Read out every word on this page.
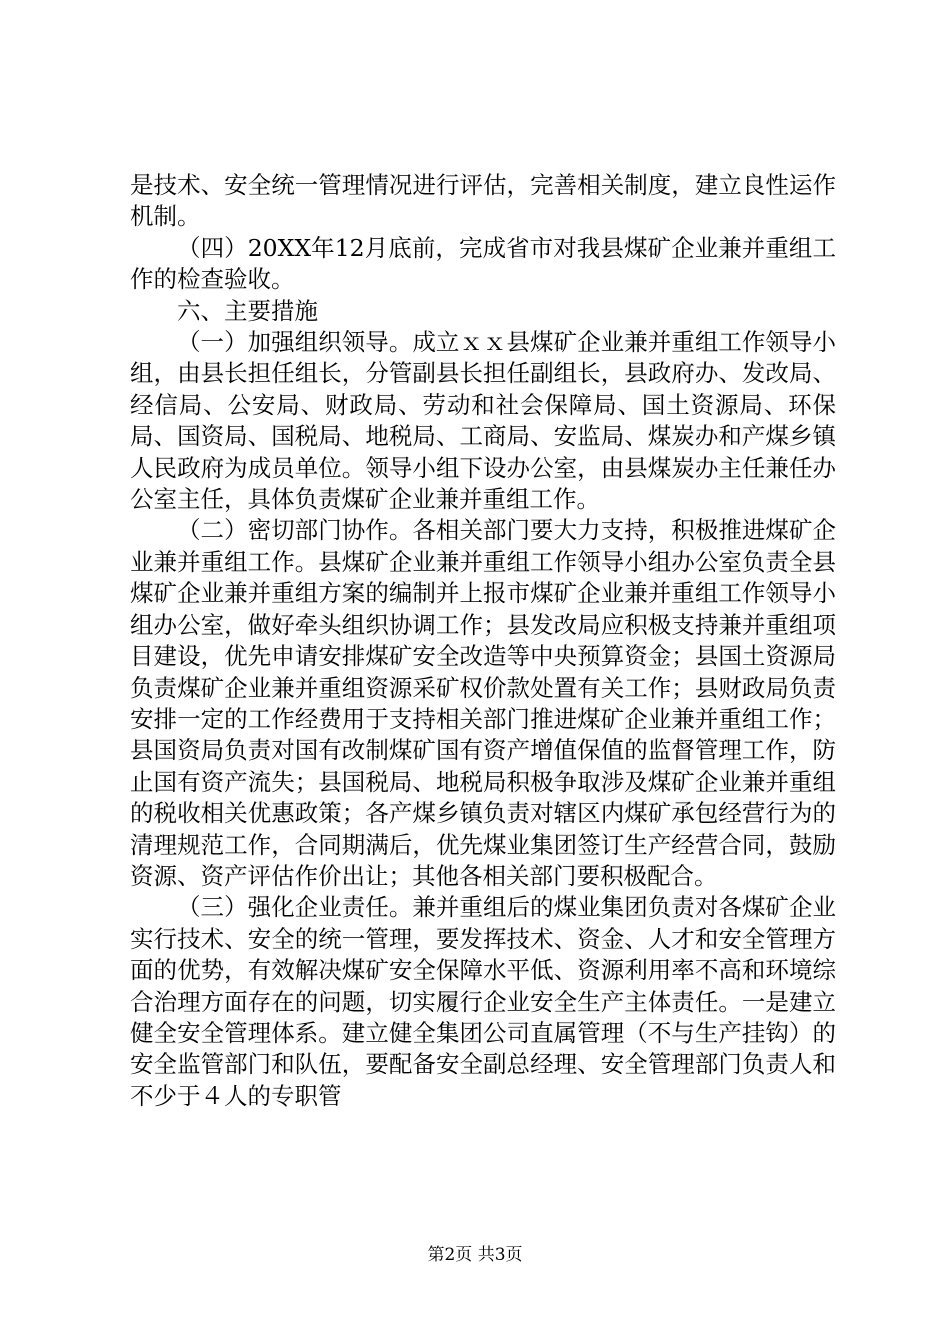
是技术、安全统一管理情况进行评估，完善相关制度，建立良性运作机制。

（四）20XX年12月底前，完成省市对我县煤矿企业兼并重组工作的检查验收。

六、主要措施

（一）加强组织领导。成立ｘｘ县煤矿企业兼并重组工作领导小组，由县长担任组长，分管副县长担任副组长，县政府办、发改局、经信局、公安局、财政局、劳动和社会保障局、国土资源局、环保局、国资局、国税局、地税局、工商局、安监局、煤炭办和产煤乡镇人民政府为成员单位。领导小组下设办公室，由县煤炭办主任兼任办公室主任，具体负责煤矿企业兼并重组工作。

（二）密切部门协作。各相关部门要大力支持，积极推进煤矿企业兼并重组工作。县煤矿企业兼并重组工作领导小组办公室负责全县煤矿企业兼并重组方案的编制并上报市煤矿企业兼并重组工作领导小组办公室，做好牵头组织协调工作；县发改局应积极支持兼并重组项目建设，优先申请安排煤矿安全改造等中央预算资金；县国土资源局负责煤矿企业兼并重组资源采矿权价款处置有关工作；县财政局负责安排一定的工作经费用于支持相关部门推进煤矿企业兼并重组工作；县国资局负责对国有改制煤矿国有资产增值保值的监督管理工作，防止国有资产流失；县国税局、地税局积极争取涉及煤矿企业兼并重组的税收相关优惠政策；各产煤乡镇负责对辖区内煤矿承包经营行为的清理规范工作，合同期满后，优先煤业集团签订生产经营合同，鼓励资源、资产评估作价出让；其他各相关部门要积极配合。

（三）强化企业责任。兼并重组后的煤业集团负责对各煤矿企业实行技术、安全的统一管理，要发挥技术、资金、人才和安全管理方面的优势，有效解决煤矿安全保障水平低、资源利用率不高和环境综合治理方面存在的问题，切实履行企业安全生产主体责任。一是建立健全安全管理体系。建立健全集团公司直属管理（不与生产挂钩）的安全监管部门和队伍，要配备安全副总经理、安全管理部门负责人和不少于４人的专职管

第2页 共3页
